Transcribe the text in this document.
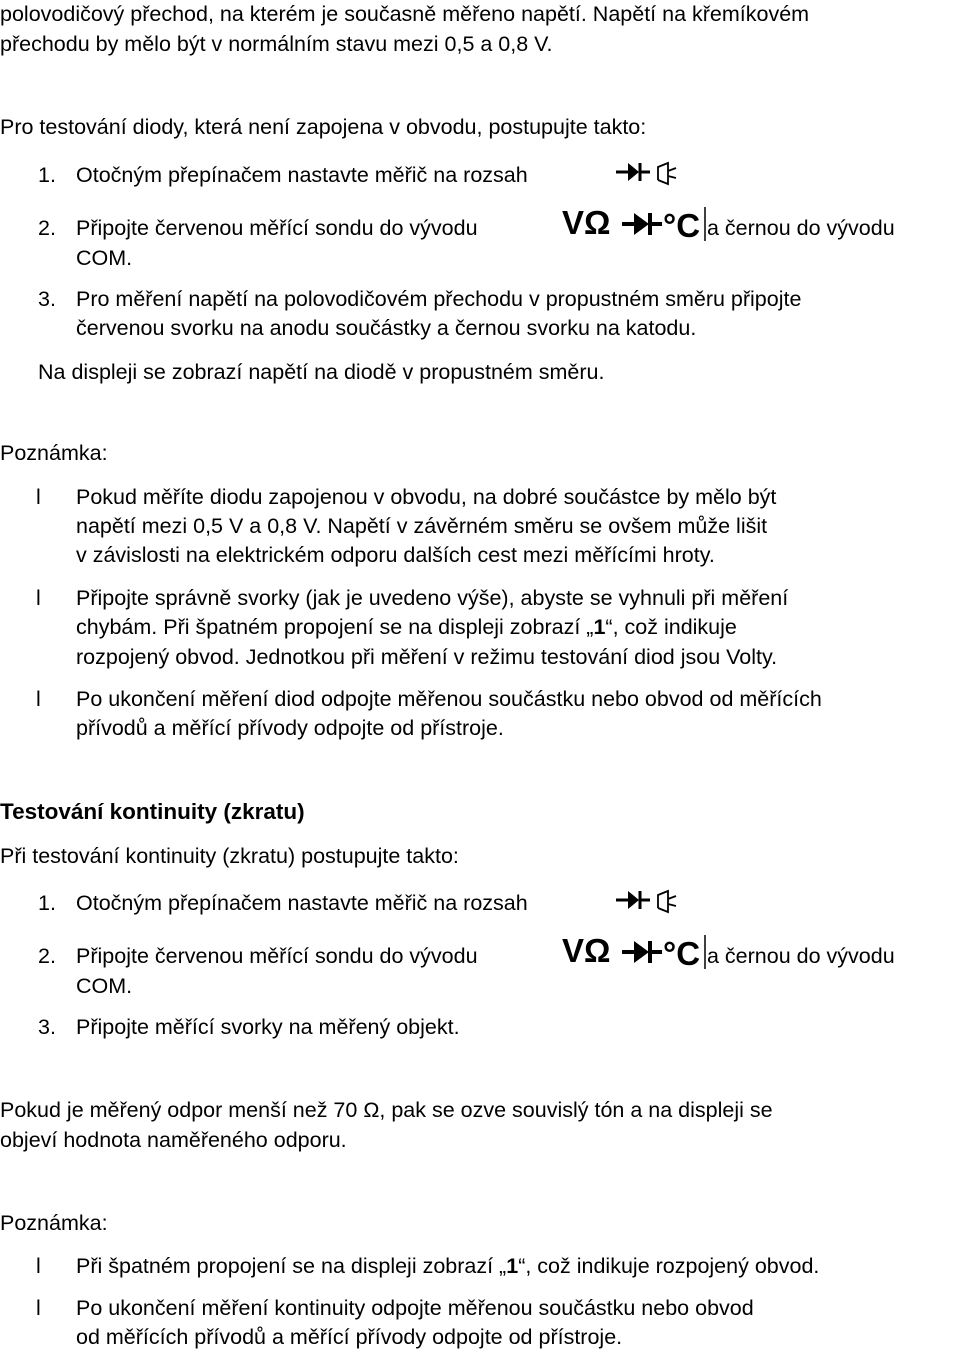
polovodičový přechod, na kterém je současně měřeno napětí. Napětí na křemíkovém
přechodu by mělo být v normálním stavu mezi 0,5 a 0,8 V.
Pro testování diody, která není zapojena v obvodu, postupujte takto:
1. Otočným přepínačem nastavte měřič na rozsah
2. Připojte červenou měřící sondu do vývodu	VΩ °C a černou do vývodu
COM.
3. Pro měření napětí na polovodičovém přechodu v propustném směru připojte
červenou svorku na anodu součástky a černou svorku na katodu.
Na displeji se zobrazí napětí na diodě v propustném směru.
Poznámka:
l Pokud měříte diodu zapojenou v obvodu, na dobré součástce by mělo být
napětí mezi 0,5 V a 0,8 V. Napětí v závěrném směru se ovšem může lišit
v závislosti na elektrickém odporu dalších cest mezi měřícími hroty.
l Připojte správně svorky (jak je uvedeno výše), abyste se vyhnuli při měření
chybám. Při špatném propojení se na displeji zobrazí „1“, což indikuje
rozpojený obvod. Jednotkou při měření v režimu testování diod jsou Volty.
l Po ukončení měření diod odpojte měřenou součástku nebo obvod od měřících
přívodů a měřící přívody odpojte od přístroje.
Testování kontinuity (zkratu)
Při testování kontinuity (zkratu) postupujte takto:
1. Otočným přepínačem nastavte měřič na rozsah
2. Připojte červenou měřící sondu do vývodu	VΩ °C a černou do vývodu
COM.
3. Připojte měřící svorky na měřený objekt.
Pokud je měřený odpor menší než 70 Ω, pak se ozve souvislý tón a na displeji se
objeví hodnota naměřeného odporu.
Poznámka:
l Při špatném propojení se na displeji zobrazí „1“, což indikuje rozpojený obvod.
l Po ukončení měření kontinuity odpojte měřenou součástku nebo obvod
od měřících přívodů a měřící přívody odpojte od přístroje.
